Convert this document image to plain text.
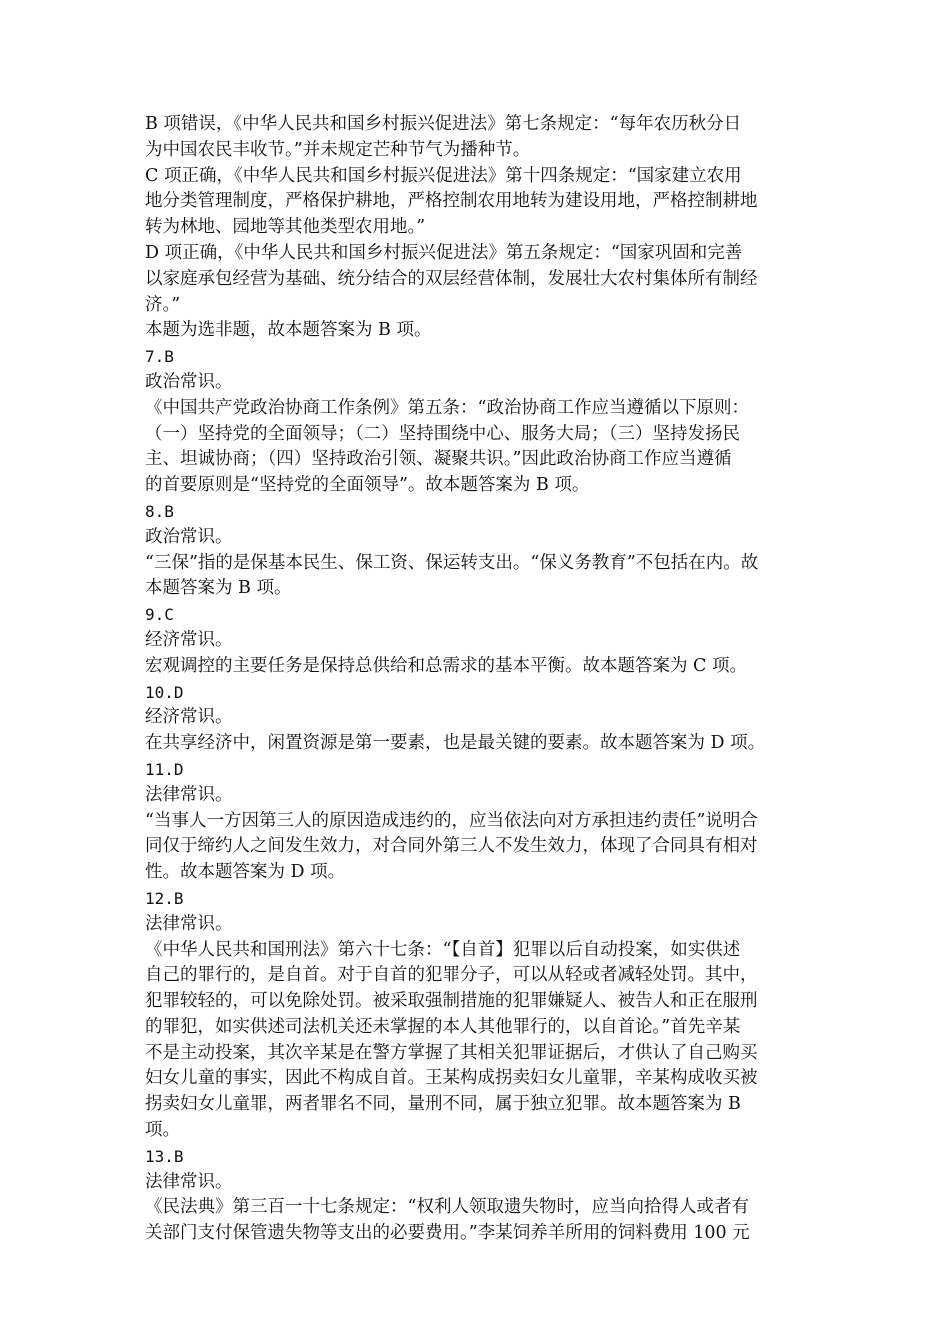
B 项错误，《中华人民共和国乡村振兴促进法》第七条规定：“每年农历秋分日
为中国农民丰收节。”并未规定芒种节气为播种节。
C 项正确，《中华人民共和国乡村振兴促进法》第十四条规定：“国家建立农用
地分类管理制度，严格保护耕地，严格控制农用地转为建设用地，严格控制耕地
转为林地、园地等其他类型农用地。”
D 项正确，《中华人民共和国乡村振兴促进法》第五条规定：“国家巩固和完善
以家庭承包经营为基础、统分结合的双层经营体制，发展壮大农村集体所有制经
济。”
本题为选非题，故本题答案为 B 项。
7.B
政治常识。
《中国共产党政治协商工作条例》第五条：“政治协商工作应当遵循以下原则：
（一）坚持党的全面领导；（二）坚持围绕中心、服务大局；（三）坚持发扬民
主、坦诚协商；（四）坚持政治引领、凝聚共识。”因此政治协商工作应当遵循
的首要原则是“坚持党的全面领导”。故本题答案为 B 项。
8.B
政治常识。
“三保”指的是保基本民生、保工资、保运转支出。“保义务教育”不包括在内。故
本题答案为 B 项。
9.C
经济常识。
宏观调控的主要任务是保持总供给和总需求的基本平衡。故本题答案为 C 项。
10.D
经济常识。
在共享经济中，闲置资源是第一要素，也是最关键的要素。故本题答案为 D 项。
11.D
法律常识。
“当事人一方因第三人的原因造成违约的，应当依法向对方承担违约责任”说明合
同仅于缔约人之间发生效力，对合同外第三人不发生效力，体现了合同具有相对
性。故本题答案为 D 项。
12.B
法律常识。
《中华人民共和国刑法》第六十七条：“【自首】犯罪以后自动投案，如实供述
自己的罪行的，是自首。对于自首的犯罪分子，可以从轻或者减轻处罚。其中，
犯罪较轻的，可以免除处罚。被采取强制措施的犯罪嫌疑人、被告人和正在服刑
的罪犯，如实供述司法机关还未掌握的本人其他罪行的，以自首论。”首先辛某
不是主动投案，其次辛某是在警方掌握了其相关犯罪证据后，才供认了自己购买
妇女儿童的事实，因此不构成自首。王某构成拐卖妇女儿童罪，辛某构成收买被
拐卖妇女儿童罪，两者罪名不同，量刑不同，属于独立犯罪。故本题答案为 B
项。
13.B
法律常识。
《民法典》第三百一十七条规定：“权利人领取遗失物时，应当向拾得人或者有
关部门支付保管遗失物等支出的必要费用。”李某饲养羊所用的饲料费用 100 元
